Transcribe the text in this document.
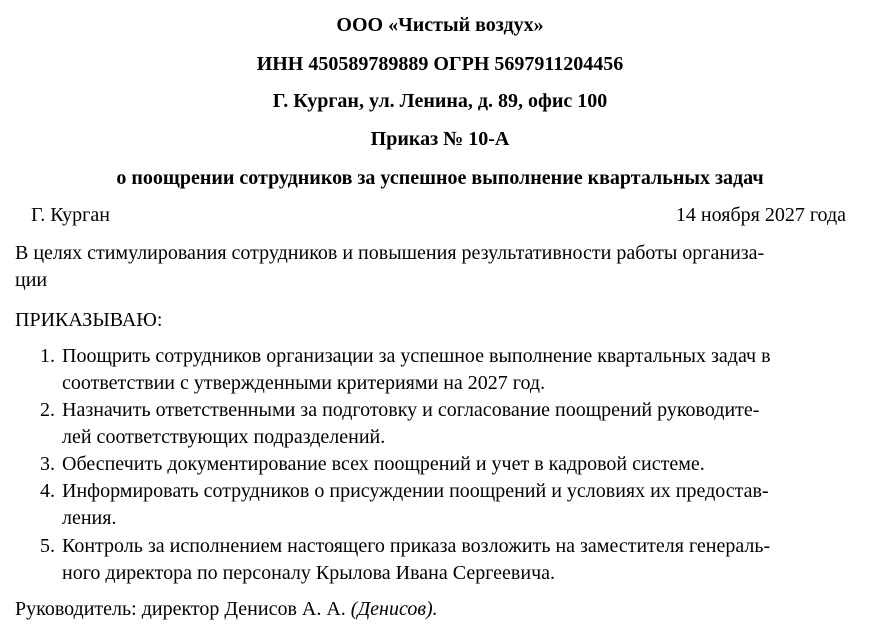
ООО «Чистый воздух»
ИНН 450589789889 ОГРН 5697911204456
Г. Курган, ул. Ленина, д. 89, офис 100
Приказ № 10-А
о поощрении сотрудников за успешное выполнение квартальных задач
Г. Курган	14 ноября 2027 года
В целях стимулирования сотрудников и повышения результативности работы организа-
ции
ПРИКАЗЫВАЮ:
1. Поощрить сотрудников организации за успешное выполнение квартальных задач в
соответствии с утвержденными критериями на 2027 год.
2. Назначить ответственными за подготовку и согласование поощрений руководите-
лей соответствующих подразделений.
3. Обеспечить документирование всех поощрений и учет в кадровой системе.
4. Информировать сотрудников о присуждении поощрений и условиях их предостав-
ления.
5. Контроль за исполнением настоящего приказа возложить на заместителя генераль-
ного директора по персоналу Крылова Ивана Сергеевича.
Руководитель: директор Денисов А. А. (Денисов).
